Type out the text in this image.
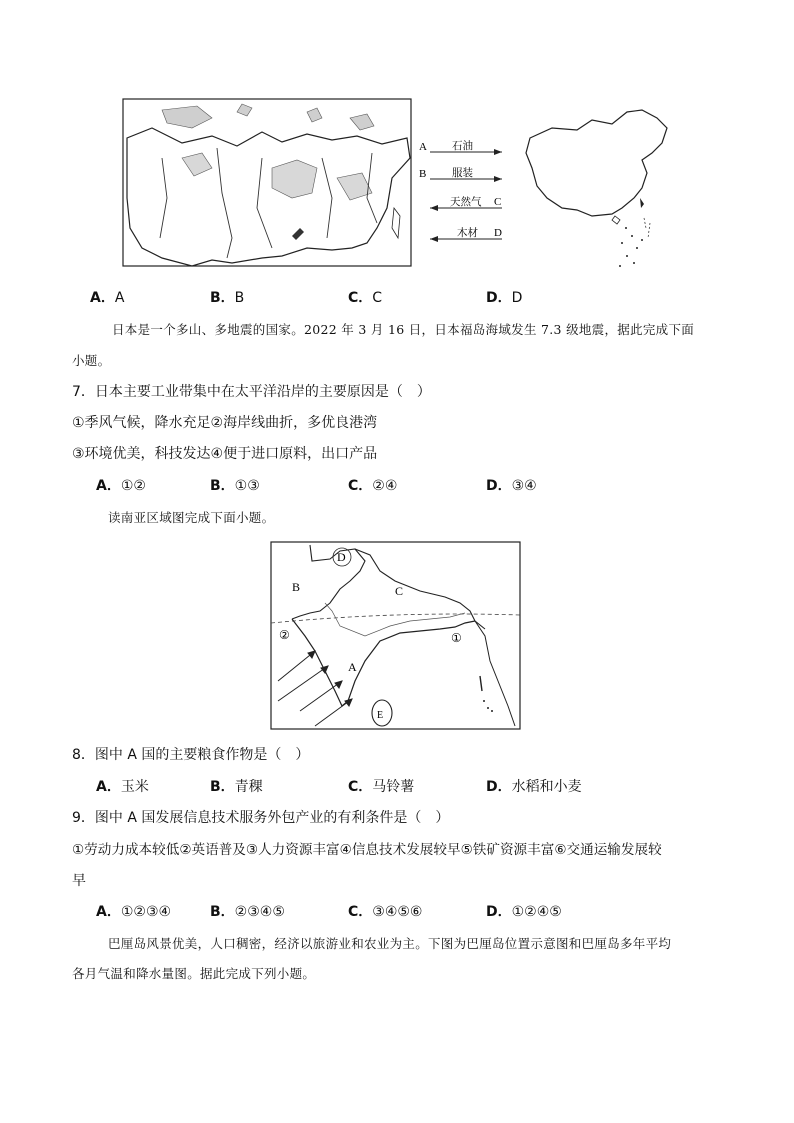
A 石油
B 服装
天然气 C
木材 D
A．A	B．B	C．C	D．D
日本是一个多山、多地震的国家。2022 年 3 月 16 日，日本福岛海域发生 7.3 级地震，据此完成下面
小题。
7．日本主要工业带集中在太平洋沿岸的主要原因是（　）
①季风气候，降水充足②海岸线曲折，多优良港湾
③环境优美，科技发达④便于进口原料，出口产品
A．①②	B．①③	C．②④	D．③④
读南亚区域图完成下面小题。
D
B	C
②	①
A
E
8．图中 A 国的主要粮食作物是（　）
A．玉米	B．青稞	C．马铃薯	D．水稻和小麦
9．图中 A 国发展信息技术服务外包产业的有利条件是（　）
①劳动力成本较低②英语普及③人力资源丰富④信息技术发展较早⑤铁矿资源丰富⑥交通运输发展较
早
A．①②③④	B．②③④⑤	C．③④⑤⑥	D．①②④⑤
巴厘岛风景优美，人口稠密，经济以旅游业和农业为主。下图为巴厘岛位置示意图和巴厘岛多年平均
各月气温和降水量图。据此完成下列小题。
